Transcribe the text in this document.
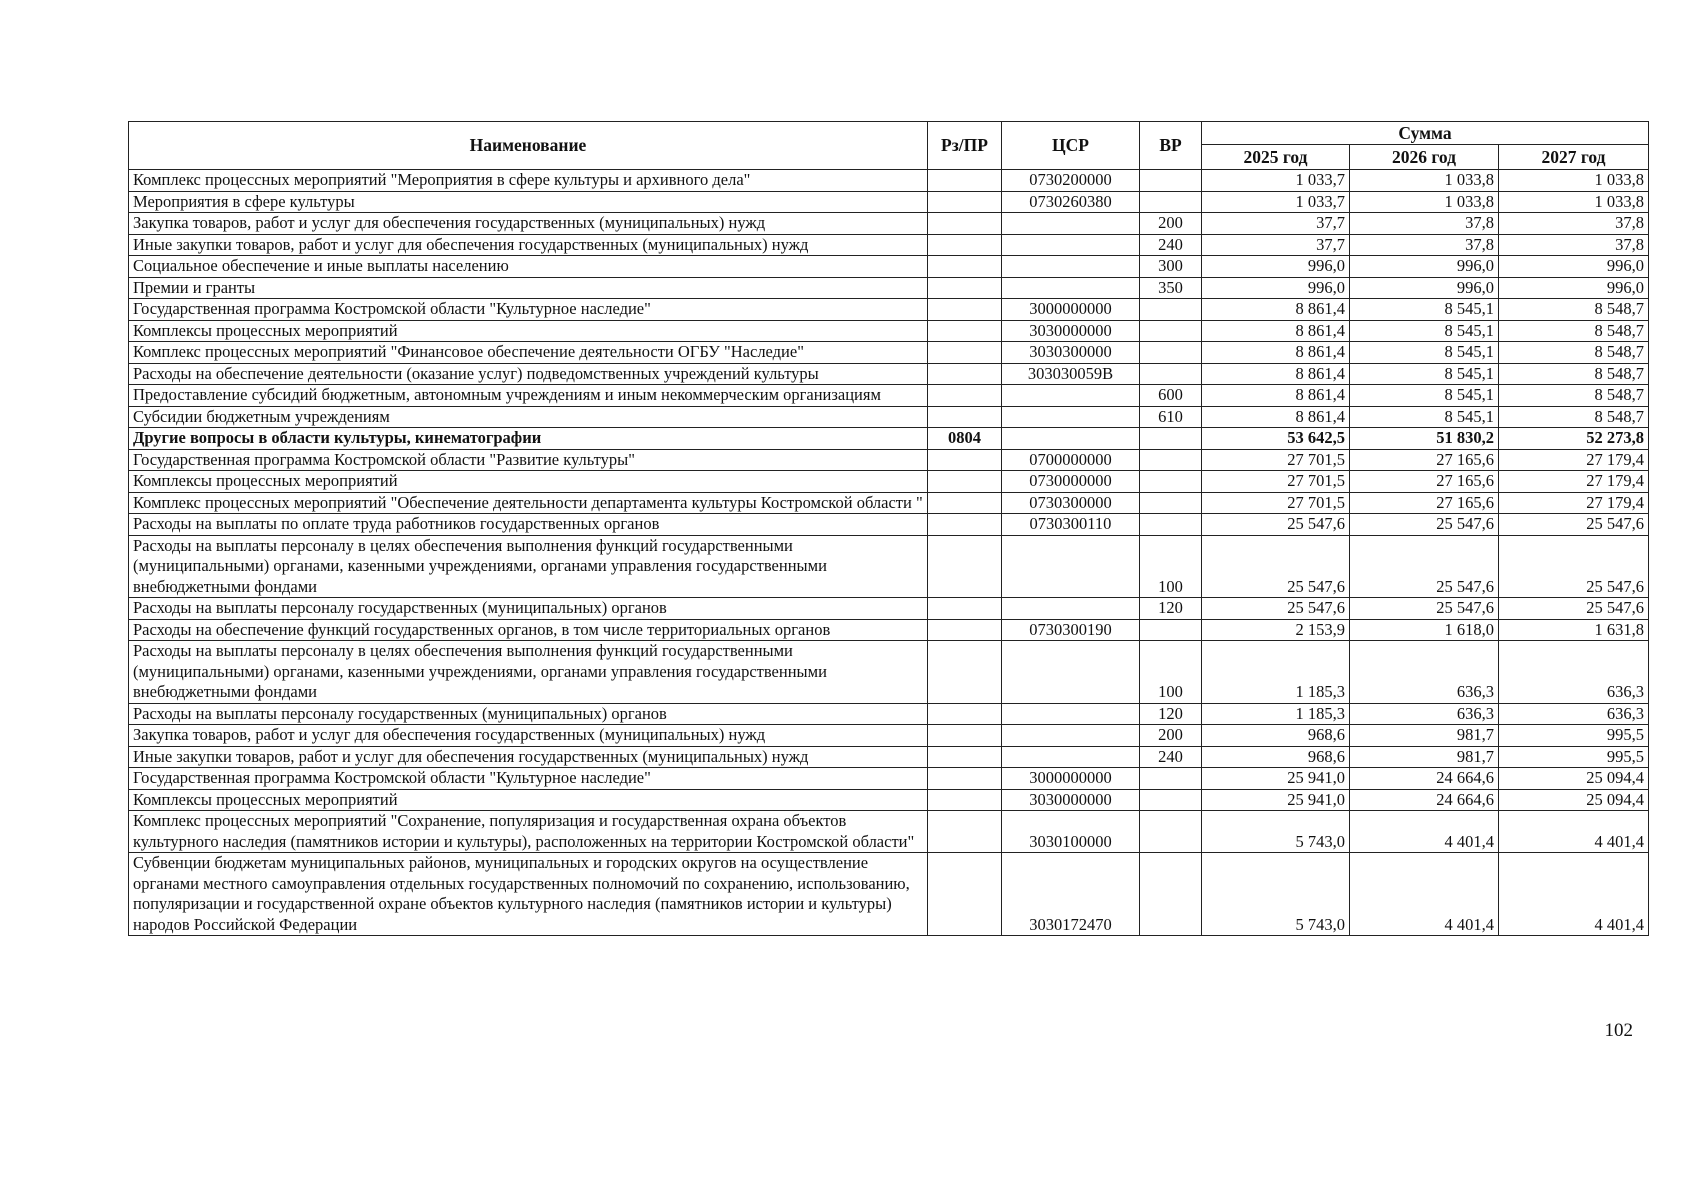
Наименование	Рз/ПР	ЦСР	ВР	Сумма		
				2025 год	2026 год	2027 год
Комплекс процессных мероприятий "Мероприятия в сфере культуры и архивного дела"		0730200000		1 033,7	1 033,8	1 033,8
Мероприятия в сфере культуры		0730260380		1 033,7	1 033,8	1 033,8
Закупка товаров, работ и услуг для обеспечения государственных (муниципальных) нужд			200	37,7	37,8	37,8
Иные закупки товаров, работ и услуг для обеспечения государственных (муниципальных) нужд			240	37,7	37,8	37,8
Социальное обеспечение и иные выплаты населению			300	996,0	996,0	996,0
Премии и гранты			350	996,0	996,0	996,0
Государственная программа Костромской области "Культурное наследие"		3000000000		8 861,4	8 545,1	8 548,7
Комплексы процессных мероприятий		3030000000		8 861,4	8 545,1	8 548,7
Комплекс процессных мероприятий "Финансовое обеспечение деятельности ОГБУ "Наследие"		3030300000		8 861,4	8 545,1	8 548,7
Расходы на обеспечение деятельности (оказание услуг) подведомственных учреждений культуры		303030059B		8 861,4	8 545,1	8 548,7
Предоставление субсидий бюджетным, автономным учреждениям и иным некоммерческим организациям			600	8 861,4	8 545,1	8 548,7
Субсидии бюджетным учреждениям			610	8 861,4	8 545,1	8 548,7
Другие вопросы в области культуры, кинематографии	0804			53 642,5	51 830,2	52 273,8
Государственная программа Костромской области "Развитие культуры"		0700000000		27 701,5	27 165,6	27 179,4
Комплексы процессных мероприятий		0730000000		27 701,5	27 165,6	27 179,4
Комплекс процессных мероприятий "Обеспечение деятельности департамента культуры Костромской области "		0730300000		27 701,5	27 165,6	27 179,4
Расходы на выплаты по оплате труда работников государственных органов		0730300110		25 547,6	25 547,6	25 547,6
Расходы на выплаты персоналу в целях обеспечения выполнения функций государственными (муниципальными) органами, казенными учреждениями, органами управления государственными внебюджетными фондами			100	25 547,6	25 547,6	25 547,6
Расходы на выплаты персоналу государственных (муниципальных) органов			120	25 547,6	25 547,6	25 547,6
Расходы на обеспечение функций государственных органов, в том числе территориальных органов		0730300190		2 153,9	1 618,0	1 631,8
Расходы на выплаты персоналу в целях обеспечения выполнения функций государственными (муниципальными) органами, казенными учреждениями, органами управления государственными внебюджетными фондами			100	1 185,3	636,3	636,3
Расходы на выплаты персоналу государственных (муниципальных) органов			120	1 185,3	636,3	636,3
Закупка товаров, работ и услуг для обеспечения государственных (муниципальных) нужд			200	968,6	981,7	995,5
Иные закупки товаров, работ и услуг для обеспечения государственных (муниципальных) нужд			240	968,6	981,7	995,5
Государственная программа Костромской области "Культурное наследие"		3000000000		25 941,0	24 664,6	25 094,4
Комплексы процессных мероприятий		3030000000		25 941,0	24 664,6	25 094,4
Комплекс процессных мероприятий "Сохранение, популяризация и государственная охрана объектов культурного наследия (памятников истории и культуры), расположенных на территории Костромской области"		3030100000		5 743,0	4 401,4	4 401,4
Субвенции бюджетам муниципальных районов, муниципальных и городских округов на осуществление органами местного самоуправления отдельных государственных полномочий по сохранению, использованию, популяризации и государственной охране объектов культурного наследия (памятников истории и культуры) народов Российской Федерации		3030172470		5 743,0	4 401,4	4 401,4
102
